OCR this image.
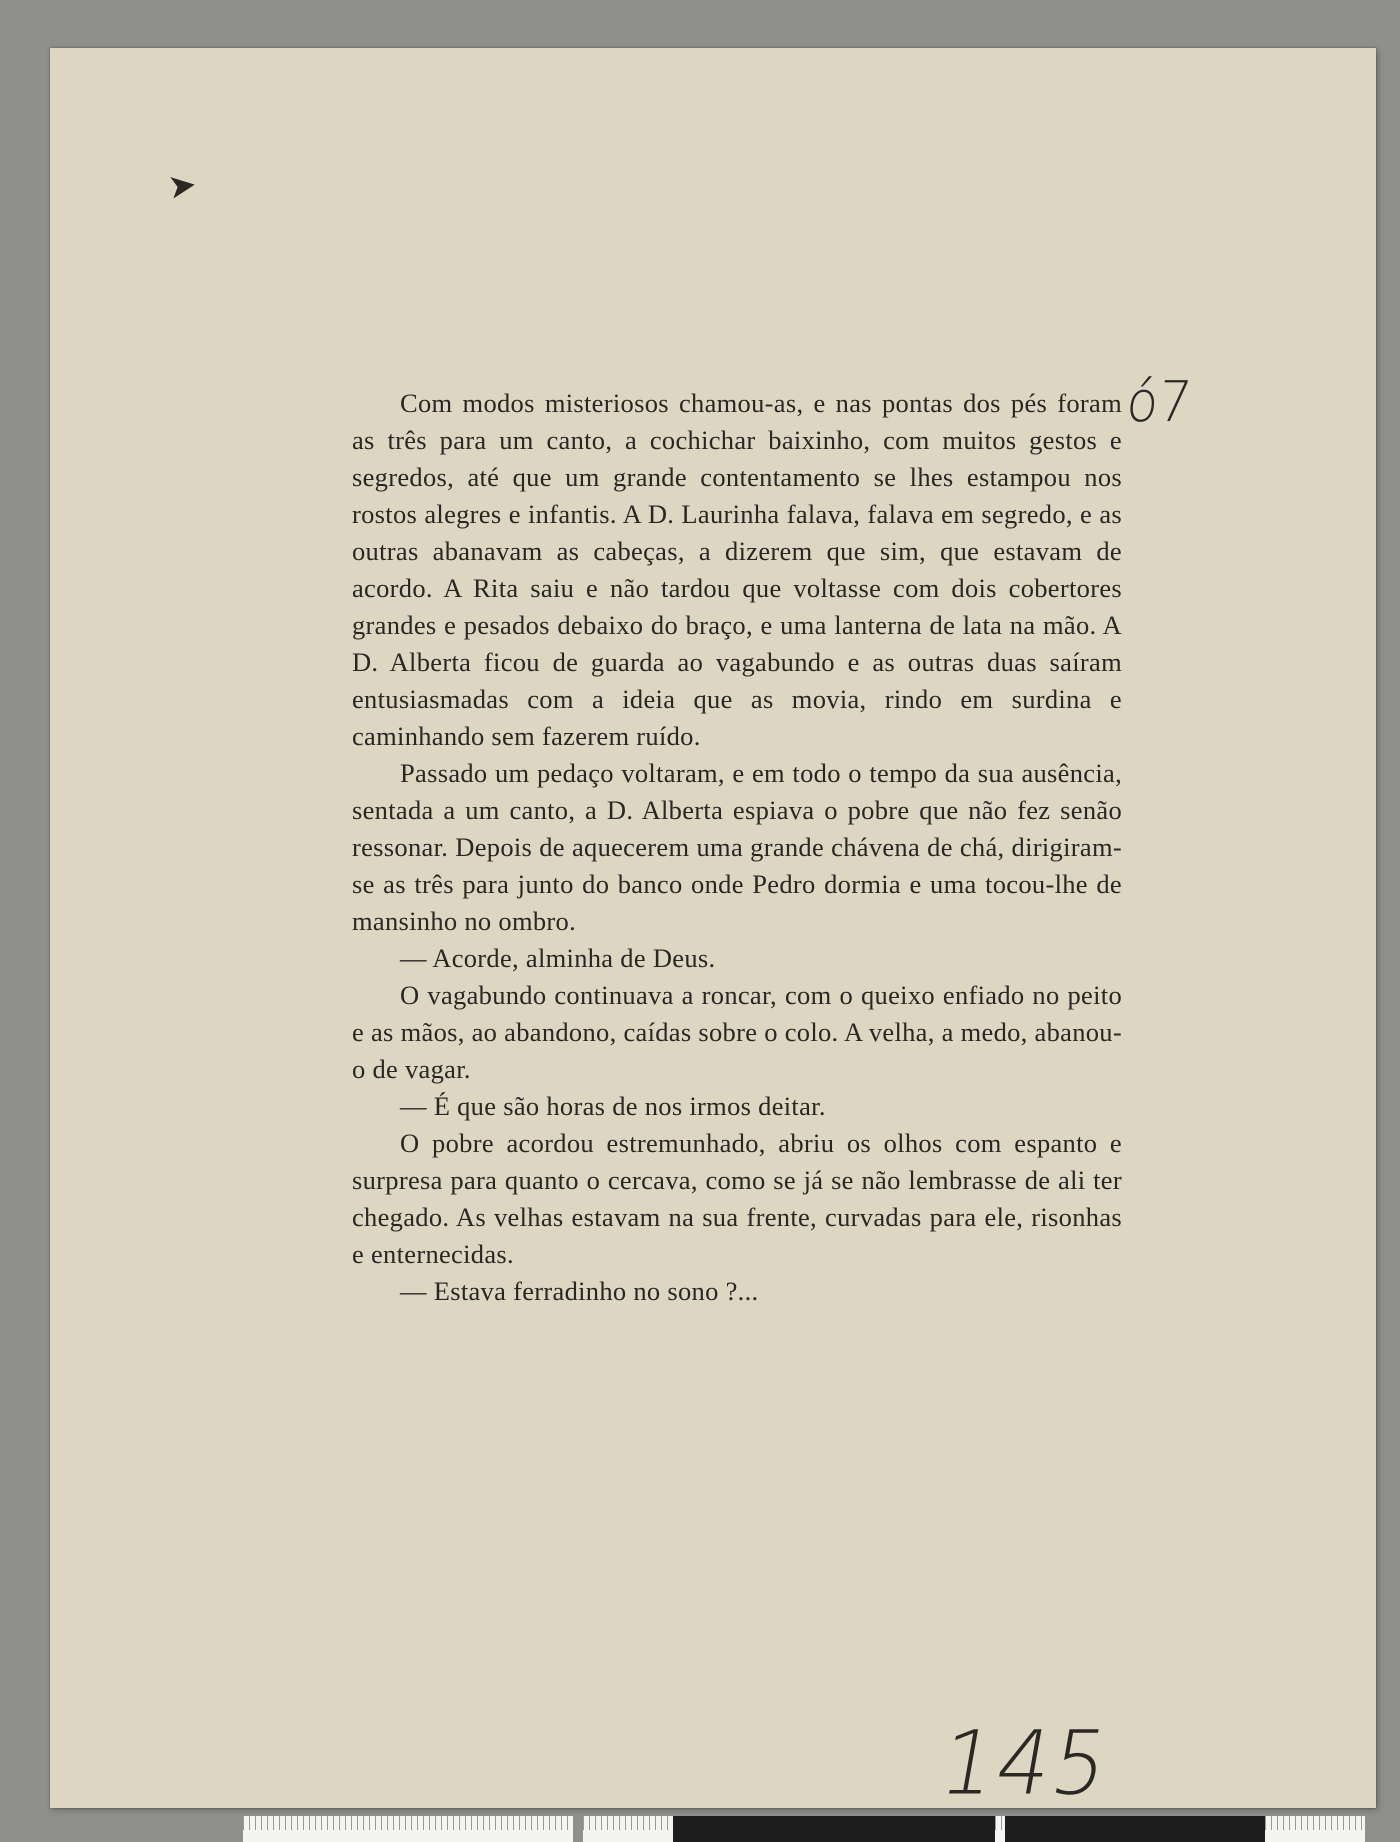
➤
ó7

Com modos misteriosos chamou-as, e nas pontas dos pés foram as três para um canto, a cochichar baixinho, com muitos gestos e segredos, até que um grande contentamento se lhes estampou nos rostos alegres e infantis. A D. Laurinha falava, falava em segredo, e as outras abanavam as cabeças, a dizerem que sim, que estavam de acordo. A Rita saiu e não tardou que voltasse com dois cobertores grandes e pesados debaixo do braço, e uma lanterna de lata na mão. A D. Alberta ficou de guarda ao vagabundo e as outras duas saíram entusiasmadas com a ideia que as movia, rindo em surdina e caminhando sem fazerem ruído.

Passado um pedaço voltaram, e em todo o tempo da sua ausência, sentada a um canto, a D. Alberta espiava o pobre que não fez senão ressonar. Depois de aquecerem uma grande chávena de chá, dirigiram-se as três para junto do banco onde Pedro dormia e uma tocou-lhe de mansinho no ombro.

— Acorde, alminha de Deus.

O vagabundo continuava a roncar, com o queixo enfiado no peito e as mãos, ao abandono, caídas sobre o colo. A velha, a medo, abanou-o de vagar.

— É que são horas de nos irmos deitar.

O pobre acordou estremunhado, abriu os olhos com espanto e surpresa para quanto o cercava, como se já se não lembrasse de ali ter chegado. As velhas estavam na sua frente, curvadas para ele, risonhas e enternecidas.

— Estava ferradinho no sono ?...

145
